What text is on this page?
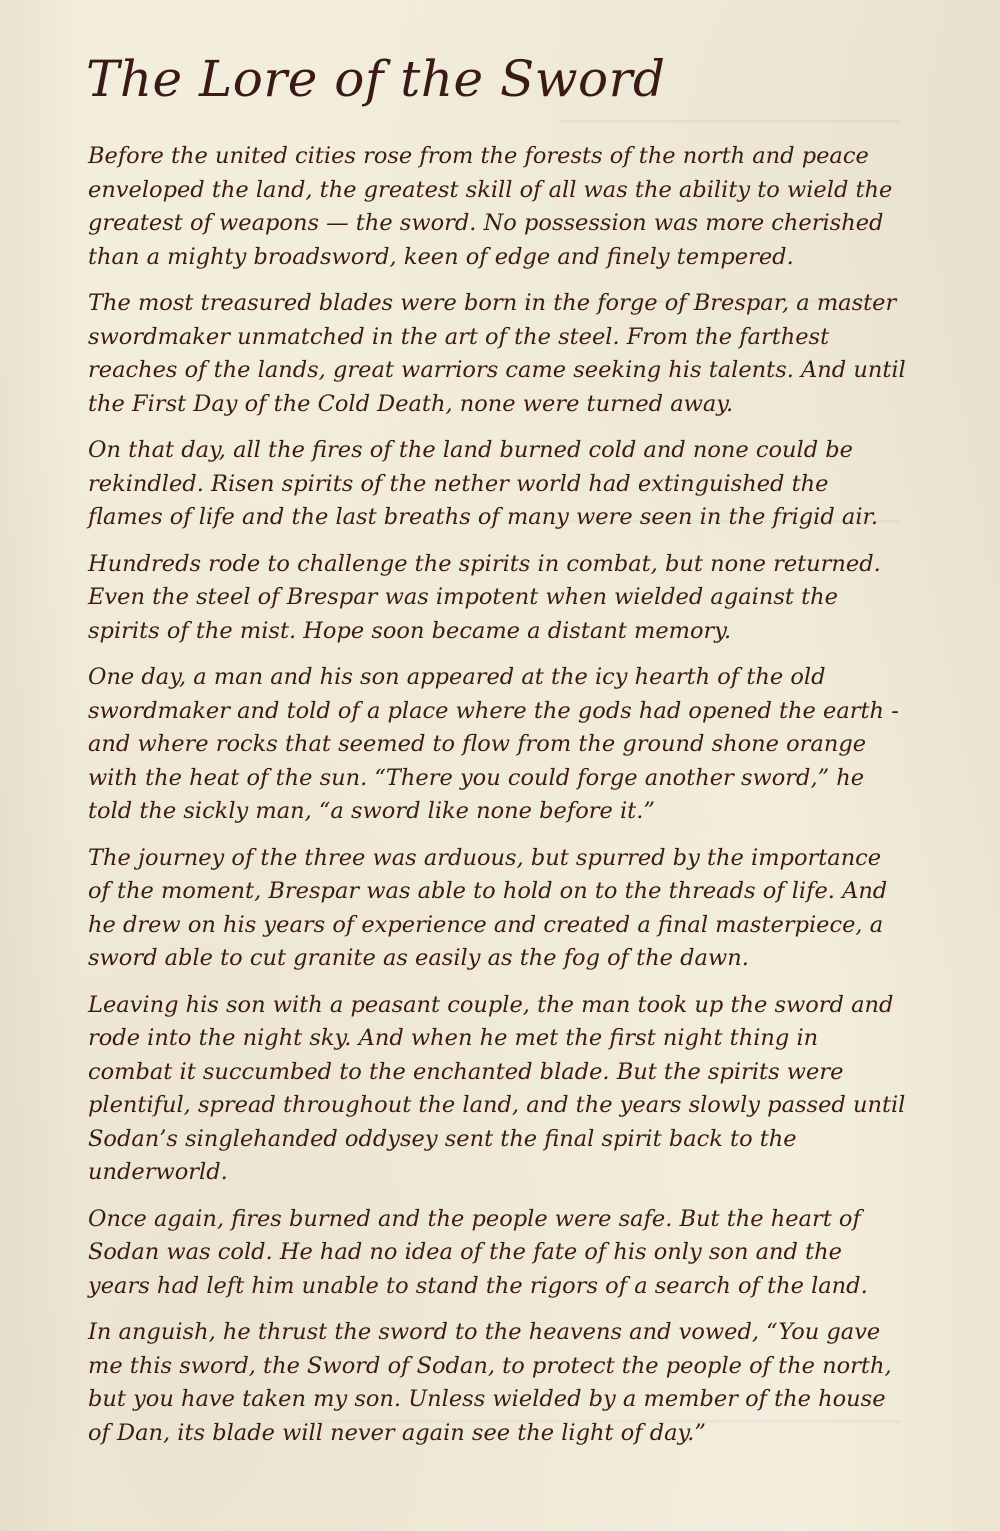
The Lore of the Sword

Before the united cities rose from the forests of the north and peace enveloped the land, the greatest skill of all was the ability to wield the greatest of weapons — the sword. No possession was more cherished than a mighty broadsword, keen of edge and finely tempered.

The most treasured blades were born in the forge of Brespar, a master swordmaker unmatched in the art of the steel. From the farthest reaches of the lands, great warriors came seeking his talents. And until the First Day of the Cold Death, none were turned away.

On that day, all the fires of the land burned cold and none could be rekindled. Risen spirits of the nether world had extinguished the flames of life and the last breaths of many were seen in the frigid air.

Hundreds rode to challenge the spirits in combat, but none returned. Even the steel of Brespar was impotent when wielded against the spirits of the mist. Hope soon became a distant memory.

One day, a man and his son appeared at the icy hearth of the old swordmaker and told of a place where the gods had opened the earth - and where rocks that seemed to flow from the ground shone orange with the heat of the sun. “There you could forge another sword,” he told the sickly man, “a sword like none before it.”

The journey of the three was arduous, but spurred by the importance of the moment, Brespar was able to hold on to the threads of life. And he drew on his years of experience and created a final masterpiece, a sword able to cut granite as easily as the fog of the dawn.

Leaving his son with a peasant couple, the man took up the sword and rode into the night sky. And when he met the first night thing in combat it succumbed to the enchanted blade. But the spirits were plentiful, spread throughout the land, and the years slowly passed until Sodan’s singlehanded oddysey sent the final spirit back to the underworld.

Once again, fires burned and the people were safe. But the heart of Sodan was cold. He had no idea of the fate of his only son and the years had left him unable to stand the rigors of a search of the land.

In anguish, he thrust the sword to the heavens and vowed, “You gave me this sword, the Sword of Sodan, to protect the people of the north, but you have taken my son. Unless wielded by a member of the house of Dan, its blade will never again see the light of day.”
